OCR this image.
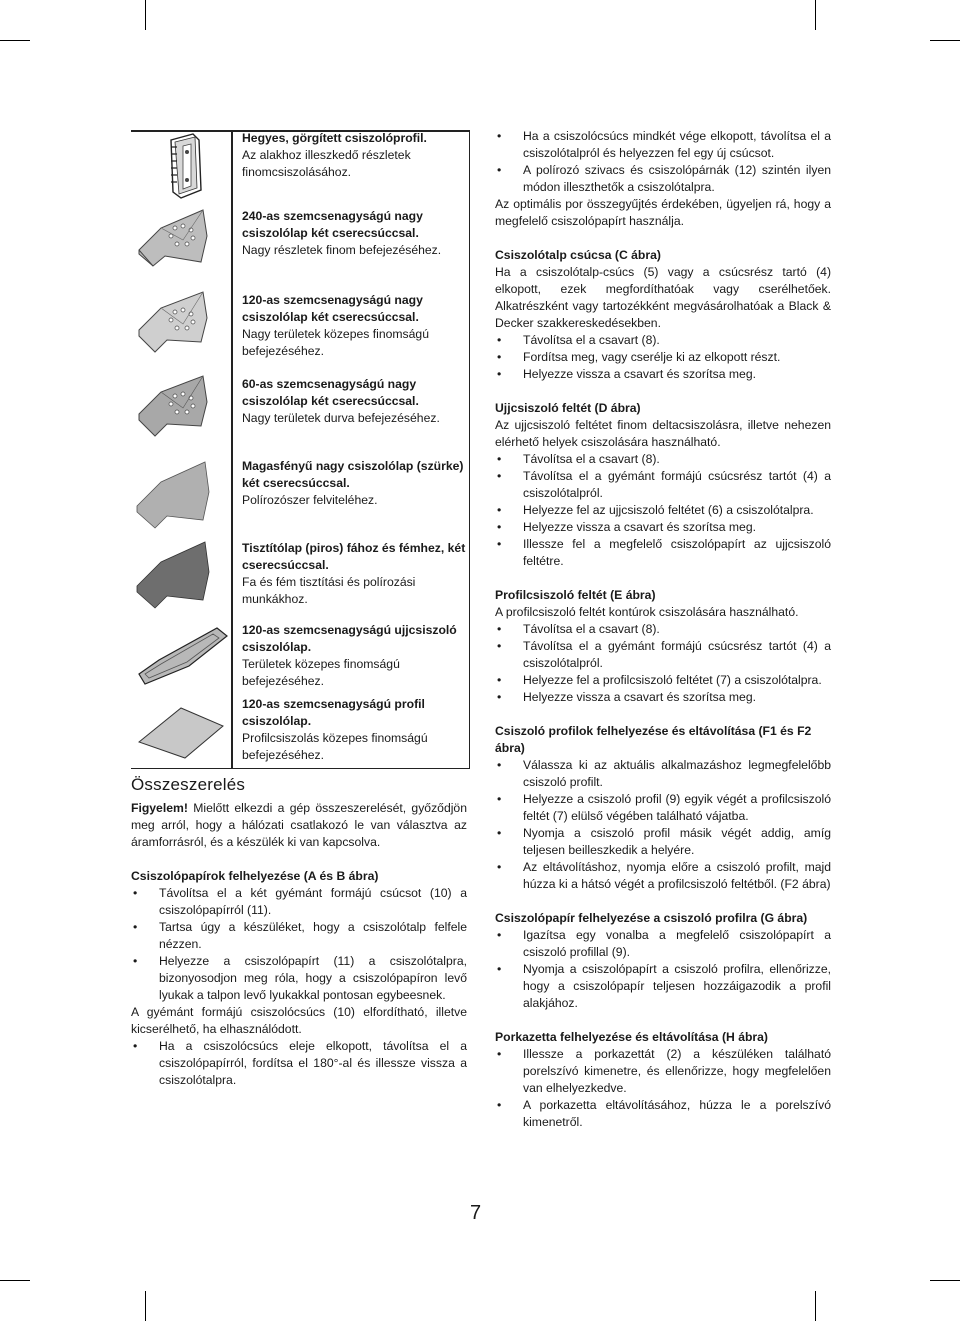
Hegyes, görgített csiszolóprofil.

Az alakhoz illeszkedő részletek finomcsiszolásához.

240-as szemcsenagyságú nagy csiszolólap két cserecsúccsal.

Nagy részletek finom befejezéséhez.

120-as szemcsenagyságú nagy csiszolólap két cserecsúccsal.

Nagy területek közepes finomságú befejezéséhez.

60-as szemcsenagyságú nagy csiszolólap két cserecsúccsal.

Nagy területek durva befejezéséhez.

Magasfényű nagy csiszolólap (szürke) két cserecsúccsal.

Polírozószer felviteléhez.

Tisztítólap (piros) fához és fémhez, két cserecsúccsal.

Fa és fém tisztítási és polírozási munkákhoz.

120-as szemcsenagyságú ujjcsiszoló csiszolólap.

Területek közepes finomságú befejezéséhez.

120-as szemcsenagyságú profil csiszolólap.

Profilcsiszolás közepes finomságú befejezéséhez.

Összeszerelés

Figyelem! Mielőtt elkezdi a gép összeszerelését, győződjön meg arról, hogy a hálózati csatlakozó le van választva az áramforrásról, és a készülék ki van kapcsolva.

Csiszolópapírok felhelyezése (A és B ábra)
• Távolítsa el a két gyémánt formájú csúcsot (10) a csiszolópapírról (11).
• Tartsa úgy a készüléket, hogy a csiszolótalp felfele nézzen.
• Helyezze a csiszolópapírt (11) a csiszolótalpra, bizonyosodjon meg róla, hogy a csiszolópapíron levő lyukak a talpon levő lyukakkal pontosan egybeesnek.

A gyémánt formájú csiszolócsúcs (10) elfordítható, illetve kicserélhető, ha elhasználódott.

• Ha a csiszolócsúcs eleje elkopott, távolítsa el a csiszolópapírról, fordítsa el 180°-al és illessze vissza a csiszolótalpra.
• Ha a csiszolócsúcs mindkét vége elkopott, távolítsa el a csiszolótalpról és helyezzen fel egy új csúcsot.
• A polírozó szivacs és csiszolópárnák (12) szintén ilyen módon illeszthetők a csiszolótalpra.

Az optimális por összegyűjtés érdekében, ügyeljen rá, hogy a megfelelő csiszolópapírt használja.

Csiszolótalp csúcsa (C ábra)

Ha a csiszolótalp-csúcs (5) vagy a csúcsrész tartó (4) elkopott, ezek megfordíthatóak vagy cserélhetőek. Alkatrészként vagy tartozékként megvásárolhatóak a Black & Decker szakkereskedésekben.

• Távolítsa el a csavart (8).
• Fordítsa meg, vagy cserélje ki az elkopott részt.
• Helyezze vissza a csavart és szorítsa meg.
Ujjcsiszoló feltét (D ábra)

Az ujjcsiszoló feltétet finom deltacsiszolásra, illetve nehezen elérhető helyek csiszolására használható.

• Távolítsa el a csavart (8).
• Távolítsa el a gyémánt formájú csúcsrész tartót (4) a csiszolótalpról.
• Helyezze fel az ujjcsiszoló feltétet (6) a csiszolótalpra.
• Helyezze vissza a csavart és szorítsa meg.
• Illessze fel a megfelelő csiszolópapírt az ujjcsiszoló feltétre.
Profilcsiszoló feltét (E ábra)

A profilcsiszoló feltét kontúrok csiszolására használható.

• Távolítsa el a csavart (8).
• Távolítsa el a gyémánt formájú csúcsrész tartót (4) a csiszolótalpról.
• Helyezze fel a profilcsiszoló feltétet (7) a csiszolótalpra.
• Helyezze vissza a csavart és szorítsa meg.
Csiszoló profilok felhelyezése és eltávolítása (F1 és F2 ábra)
• Válassza ki az aktuális alkalmazáshoz legmegfelelőbb csiszoló profilt.
• Helyezze a csiszoló profil (9) egyik végét a profilcsiszoló feltét (7) elülső végében található vájatba.
• Nyomja a csiszoló profil másik végét addig, amíg teljesen beilleszkedik a helyére.
• Az eltávolításhoz, nyomja előre a csiszoló profilt, majd húzza ki a hátsó végét a profilcsiszoló feltétből. (F2 ábra)
Csiszolópapír felhelyezése a csiszoló profilra (G ábra)
• Igazítsa egy vonalba a megfelelő csiszolópapírt a csiszoló profillal (9).
• Nyomja a csiszolópapírt a csiszoló profilra, ellenőrizze, hogy a csiszolópapír teljesen hozzáigazodik a profil alakjához.
Porkazetta felhelyezése és eltávolítása (H ábra)
• Illessze a porkazettát (2) a készüléken található porelszívó kimenetre, és ellenőrizze, hogy megfelelően van elhelyezkedve.
• A porkazetta eltávolításához, húzza le a porelszívó kimenetről.
7
